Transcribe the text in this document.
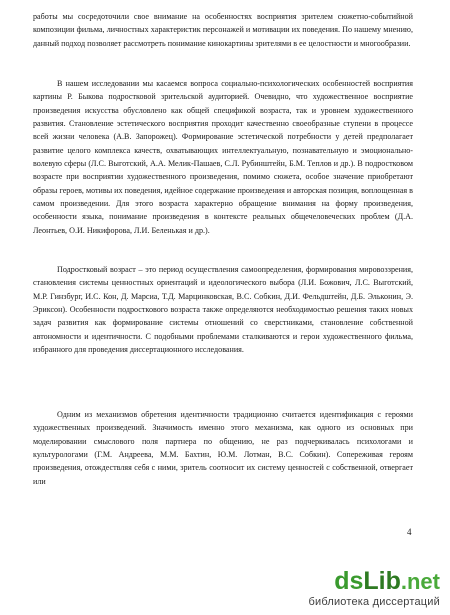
работы мы сосредоточили свое внимание на особенностях восприятия зрителем сюжетно-событийной композиции фильма, личностных характеристик персонажей и мотивации их поведения. По нашему мнению, данный подход позволяет рассмотреть понимание кинокартины зрителями в ее целостности и многообразии.

В нашем исследовании мы касаемся вопроса социально-психологических особенностей восприятия картины Р. Быкова подростковой зрительской аудиторией. Очевидно, что художественное восприятие произведения искусства обусловлено как общей спецификой возраста, так и уровнем художественного развития. Становление эстетического восприятия проходит качественно своеобразные ступени в процессе всей жизни человека (А.В. Запорожец). Формирование эстетической потребности у детей предполагает развитие целого комплекса качеств, охватывающих интеллектуальную, познавательную и эмоционально-волевую сферы (Л.С. Выготский, А.А. Мелик-Пашаев, С.Л. Рубинштейн, Б.М. Теплов и др.). В подростковом возрасте при восприятии художественного произведения, помимо сюжета, особое значение приобретают образы героев, мотивы их поведения, идейное содержание произведения и авторская позиция, воплощенная в самом произведении. Для этого возраста характерно обращение внимания на форму произведения, особенности языка, понимание произведения в контексте реальных общечеловеческих проблем (Д.А. Леонтьев, О.И. Никифорова, Л.И. Беленькая и др.).

Подростковый возраст – это период осуществления самоопределения, формирования мировоззрения, становления системы ценностных ориентаций и идеологического выбора (Л.И. Божович, Л.С. Выготский, М.Р. Гинзбург, И.С. Кон, Д. Марсиа, Т.Д. Марцинковская, В.С. Собкин, Д.И. Фельдштейн, Д.Б. Эльконин, Э. Эриксон). Особенности подросткового возраста также определяются необходимостью решения таких новых задач развития как формирование системы отношений со сверстниками, становление собственной автономности и идентичности. С подобными проблемами сталкиваются и герои художественного фильма, избранного для проведения диссертационного исследования.

Одним из механизмов обретения идентичности традиционно считается идентификация с героями художественных произведений. Значимость именно этого механизма, как одного из основных при моделировании смыслового поля партнера по общению, не раз подчеркивалась психологами и культурологами (Г.М. Андреева, М.М. Бахтин, Ю.М. Лотман, В.С. Собкин). Сопереживая героям произведения, отождествляя себя с ними, зритель соотносит их систему ценностей с собственной, отвергает или

4
ds Lib .net
библиотека диссертаций
